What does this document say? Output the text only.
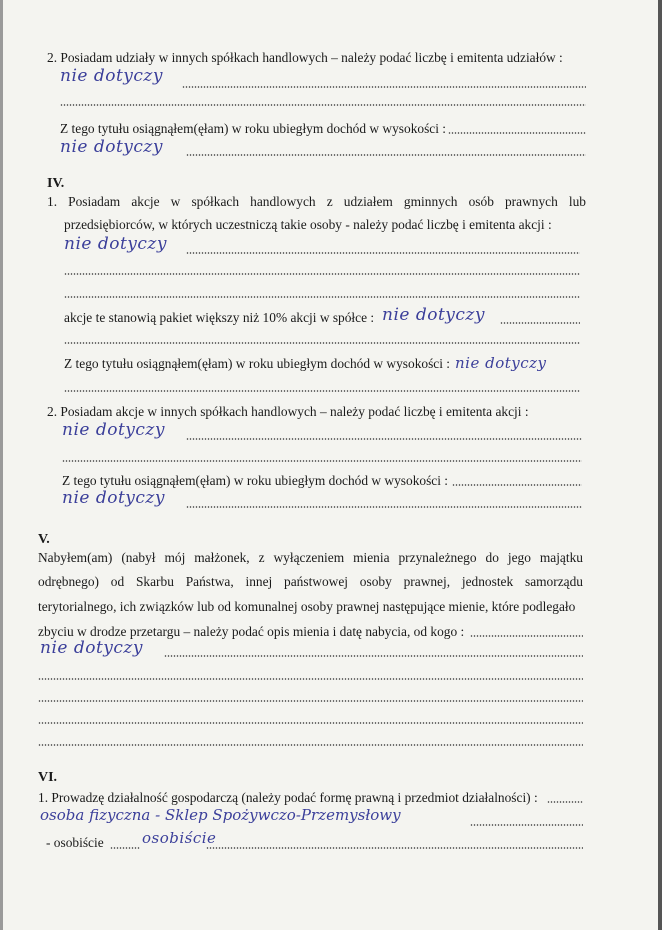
2. Posiadam udziały w innych spółkach handlowych – należy podać liczbę i emitenta udziałów :
nie dotyczy
Z tego tytułu osiągnąłem(ęłam) w roku ubiegłym dochód w wysokości :
nie dotyczy
IV.
1. Posiadam akcje w spółkach handlowych z udziałem gminnych osób prawnych lub
przedsiębiorców, w których uczestniczą takie osoby - należy podać liczbę i emitenta akcji :
nie dotyczy
akcje te stanowią pakiet większy niż 10% akcji w spółce : nie dotyczy
Z tego tytułu osiągnąłem(ęłam) w roku ubiegłym dochód w wysokości : nie dotyczy
2. Posiadam akcje w innych spółkach handlowych – należy podać liczbę i emitenta akcji :
nie dotyczy
Z tego tytułu osiągnąłem(ęłam) w roku ubiegłym dochód w wysokości :
nie dotyczy
V.
Nabyłem(am) (nabył mój małżonek, z wyłączeniem mienia przynależnego do jego majątku
odrębnego) od Skarbu Państwa, innej państwowej osoby prawnej, jednostek samorządu
terytorialnego, ich związków lub od komunalnej osoby prawnej następujące mienie, które podlegało
zbyciu w drodze przetargu – należy podać opis mienia i datę nabycia, od kogo :
nie dotyczy
VI.
1. Prowadzę działalność gospodarczą (należy podać formę prawną i przedmiot działalności) :
osoba fizyczna - Sklep Spożywczo-Przemysłowy
- osobiście	osobiście
